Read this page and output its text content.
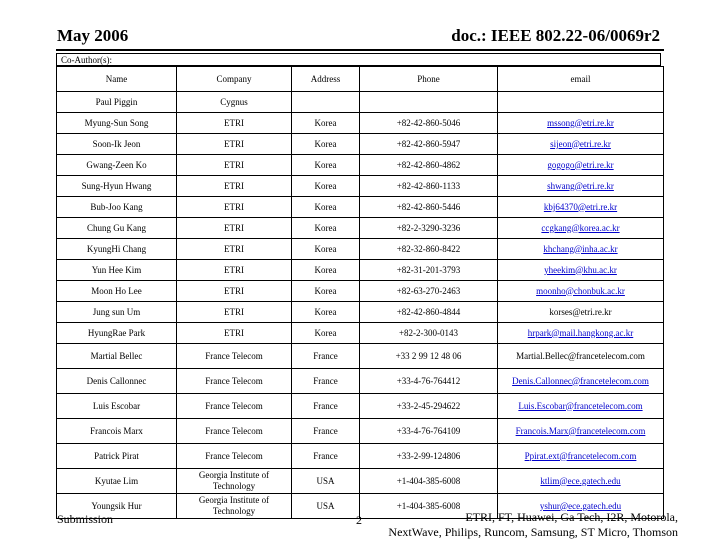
May 2006	doc.: IEEE 802.22-06/0069r2
Co-Author(s):
Name	Company	Address	Phone	email
Paul Piggin	Cygnus			
Myung-Sun Song	ETRI	Korea	+82-42-860-5046	mssong@etri.re.kr
Soon-Ik Jeon	ETRI	Korea	+82-42-860-5947	sijeon@etri.re.kr
Gwang-Zeen Ko	ETRI	Korea	+82-42-860-4862	gogogo@etri.re.kr
Sung-Hyun Hwang	ETRI	Korea	+82-42-860-1133	shwang@etri.re.kr
Bub-Joo Kang	ETRI	Korea	+82-42-860-5446	kbj64370@etri.re.kr
Chung Gu Kang	ETRI	Korea	+82-2-3290-3236	ccgkang@korea.ac.kr
KyungHi Chang	ETRI	Korea	+82-32-860-8422	khchang@inha.ac.kr
Yun Hee Kim	ETRI	Korea	+82-31-201-3793	yheekim@khu.ac.kr
Moon Ho Lee	ETRI	Korea	+82-63-270-2463	moonho@chonbuk.ac.kr
Jung sun Um	ETRI	Korea	+82-42-860-4844	korses@etri.re.kr
HyungRae Park	ETRI	Korea	+82-2-300-0143	hrpark@mail.hangkong.ac.kr
Martial Bellec	France Telecom	France	+33 2 99 12 48 06	Martial.Bellec@francetelecom.com
Denis Callonnec	France Telecom	France	+33-4-76-764412	Denis.Callonnec@francetelecom.com
Luis Escobar	France Telecom	France	+33-2-45-294622	Luis.Escobar@francetelecom.com
Francois Marx	France Telecom	France	+33-4-76-764109	Francois.Marx@francetelecom.com
Patrick Pirat	France Telecom	France	+33-2-99-124806	Ppirat.ext@francetelecom.com
Kyutae Lim	Georgia Institute of Technology	USA	+1-404-385-6008	ktlim@ece.gatech.edu
Youngsik Hur	Georgia Institute of Technology	USA	+1-404-385-6008	yshur@ece.gatech.edu
Submission	2	ETRI, FT, Huawei, Ga Tech, I2R, Motorola,
NextWave, Philips, Runcom, Samsung, ST Micro, Thomson
